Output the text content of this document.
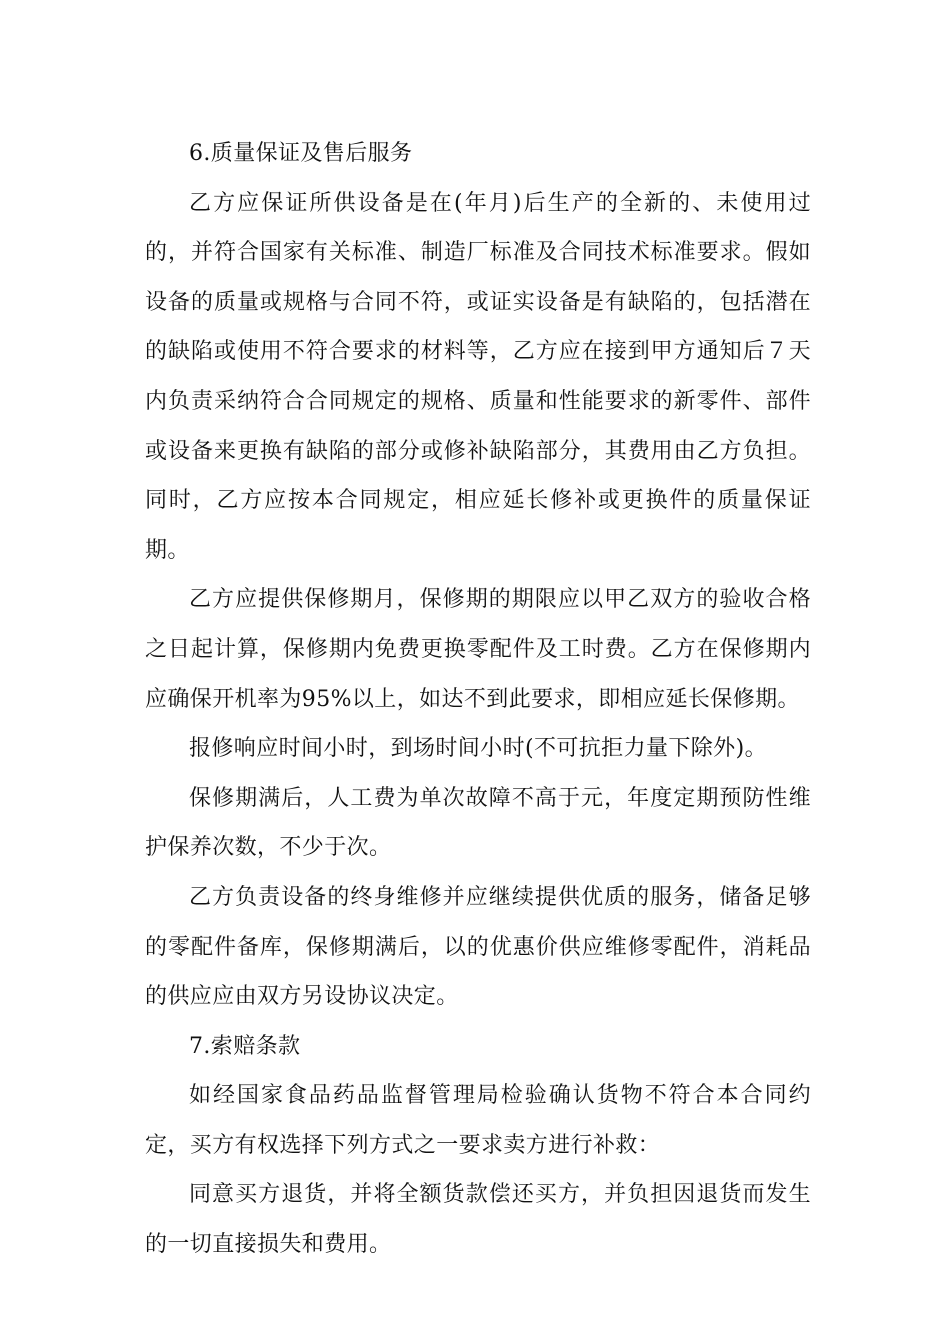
6.质量保证及售后服务

乙方应保证所供设备是在(年月)后生产的全新的、未使用过的，并符合国家有关标准、制造厂标准及合同技术标准要求。假如设备的质量或规格与合同不符，或证实设备是有缺陷的，包括潜在的缺陷或使用不符合要求的材料等，乙方应在接到甲方通知后７天内负责采纳符合合同规定的规格、质量和性能要求的新零件、部件或设备来更换有缺陷的部分或修补缺陷部分，其费用由乙方负担。同时，乙方应按本合同规定，相应延长修补或更换件的质量保证期。

乙方应提供保修期月，保修期的期限应以甲乙双方的验收合格之日起计算，保修期内免费更换零配件及工时费。乙方在保修期内应确保开机率为95%以上，如达不到此要求，即相应延长保修期。

报修响应时间小时，到场时间小时(不可抗拒力量下除外)。

保修期满后，人工费为单次故障不高于元，年度定期预防性维护保养次数，不少于次。

乙方负责设备的终身维修并应继续提供优质的服务，储备足够的零配件备库，保修期满后，以的优惠价供应维修零配件，消耗品的供应应由双方另设协议决定。

7.索赔条款

如经国家食品药品监督管理局检验确认货物不符合本合同约定，买方有权选择下列方式之一要求卖方进行补救：

同意买方退货，并将全额货款偿还买方，并负担因退货而发生的一切直接损失和费用。
